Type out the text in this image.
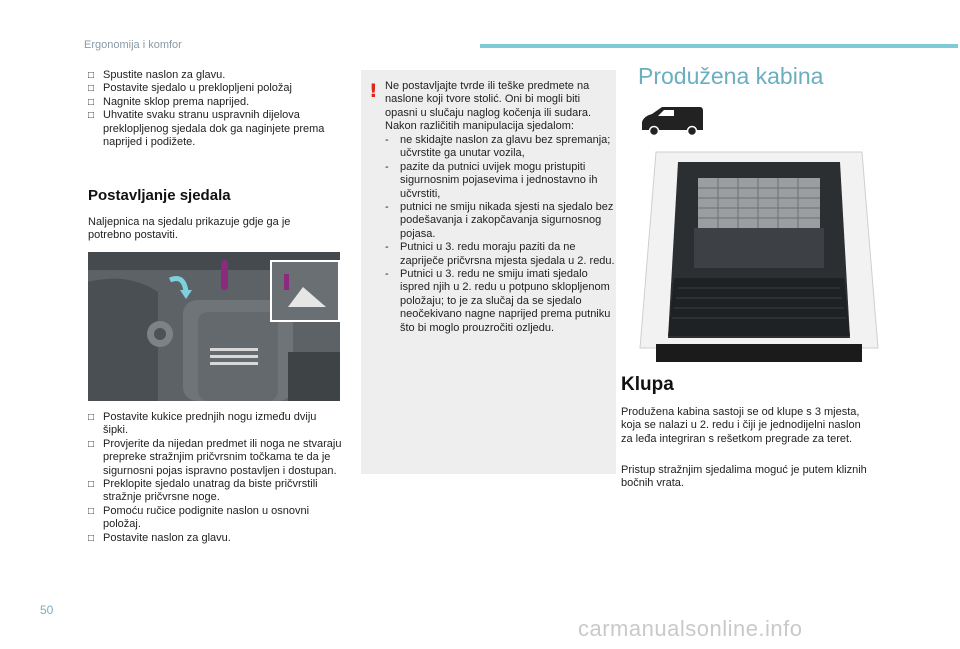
Ergonomija i komfor
□ Spustite naslon za glavu.
□ Postavite sjedalo u preklopljeni položaj
□ Nagnite sklop prema naprijed.
□ Uhvatite svaku stranu uspravnih dijelova preklopljenog sjedala dok ga naginjete prema naprijed i podižete.
Postavljanje sjedala
Naljepnica na sjedalu prikazuje gdje ga je potrebno postaviti.
□ Postavite kukice prednjih nogu između dviju šipki.
□ Provjerite da nijedan predmet ili noga ne stvaraju prepreke stražnjim pričvrsnim točkama te da je sigurnosni pojas ispravno postavljen i dostupan.
□ Preklopite sjedalo unatrag da biste pričvrstili stražnje pričvrsne noge.
□ Pomoću ručice podignite naslon u osnovni položaj.
□ Postavite naslon za glavu.
! Ne postavljajte tvrde ili teške predmete na naslone koji tvore stolić. Oni bi mogli biti opasni u slučaju naglog kočenja ili sudara. Nakon različitih manipulacija sjedalom:
- ne skidajte naslon za glavu bez spremanja; učvrstite ga unutar vozila,
- pazite da putnici uvijek mogu pristupiti sigurnosnim pojasevima i jednostavno ih učvrstiti,
- putnici ne smiju nikada sjesti na sjedalo bez podešavanja i zakopčavanja sigurnosnog pojasa.
- Putnici u 3. redu moraju paziti da ne zapriječe pričvrsna mjesta sjedala u 2. redu.
- Putnici u 3. redu ne smiju imati sjedalo ispred njih u 2. redu u potpuno sklopljenom položaju; to je za slučaj da se sjedalo neočekivano nagne naprijed prema putniku što bi moglo prouzročiti ozljedu.
Produžena kabina
Klupa
Produžena kabina sastoji se od klupe s 3 mjesta, koja se nalazi u 2. redu i čiji je jednodijelni naslon za leđa integriran s rešetkom pregrade za teret.
Pristup stražnjim sjedalima moguć je putem kliznih bočnih vrata.
50
carmanualsonline.info
